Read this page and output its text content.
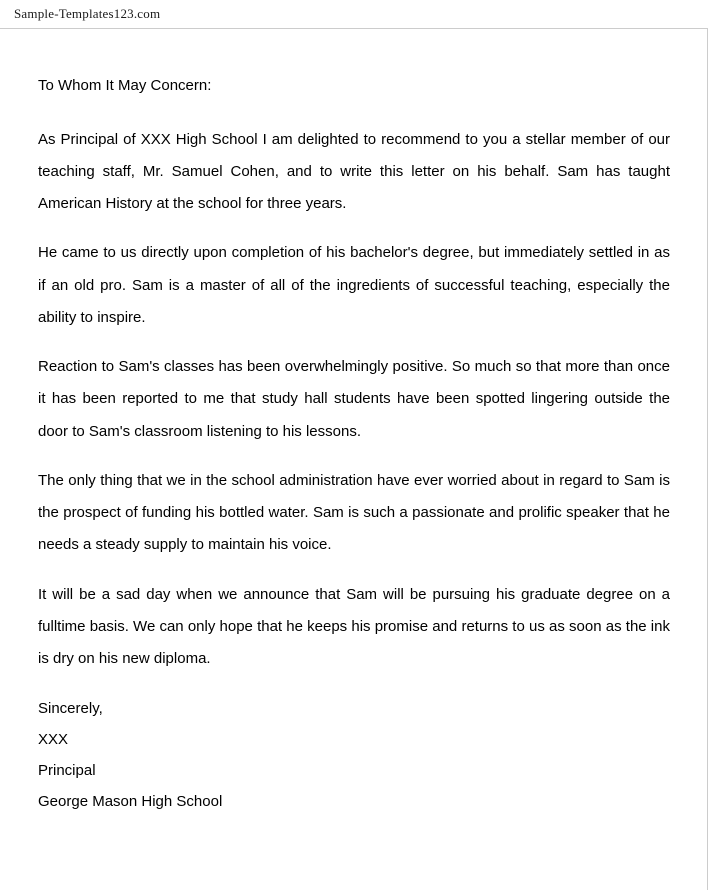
Sample-Templates123.com

To Whom It May Concern:

As Principal of XXX High School I am delighted to recommend to you a stellar member of our teaching staff, Mr. Samuel Cohen, and to write this letter on his behalf. Sam has taught American History at the school for three years.

He came to us directly upon completion of his bachelor's degree, but immediately settled in as if an old pro. Sam is a master of all of the ingredients of successful teaching, especially the ability to inspire.

Reaction to Sam's classes has been overwhelmingly positive. So much so that more than once it has been reported to me that study hall students have been spotted lingering outside the door to Sam's classroom listening to his lessons.

The only thing that we in the school administration have ever worried about in regard to Sam is the prospect of funding his bottled water. Sam is such a passionate and prolific speaker that he needs a steady supply to maintain his voice.

It will be a sad day when we announce that Sam will be pursuing his graduate degree on a fulltime basis. We can only hope that he keeps his promise and returns to us as soon as the ink is dry on his new diploma.

Sincerely,

XXX

Principal

George Mason High School
